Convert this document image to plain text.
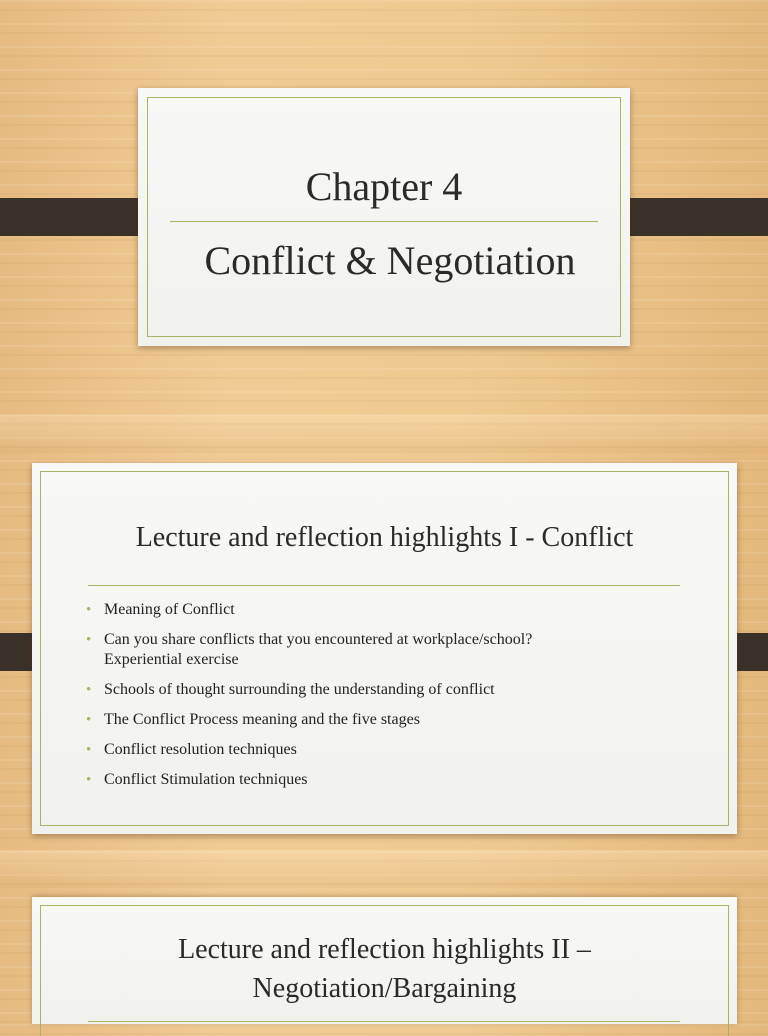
Chapter 4
Conflict & Negotiation
Lecture and reflection highlights I - Conflict
• Meaning of Conflict
• Can you share conflicts that you encountered at workplace/school?
Experiential exercise
• Schools of thought surrounding the understanding of conflict
• The Conflict Process meaning and the five stages
• Conflict resolution techniques
• Conflict Stimulation techniques
Lecture and reflection highlights II –
Negotiation/Bargaining
